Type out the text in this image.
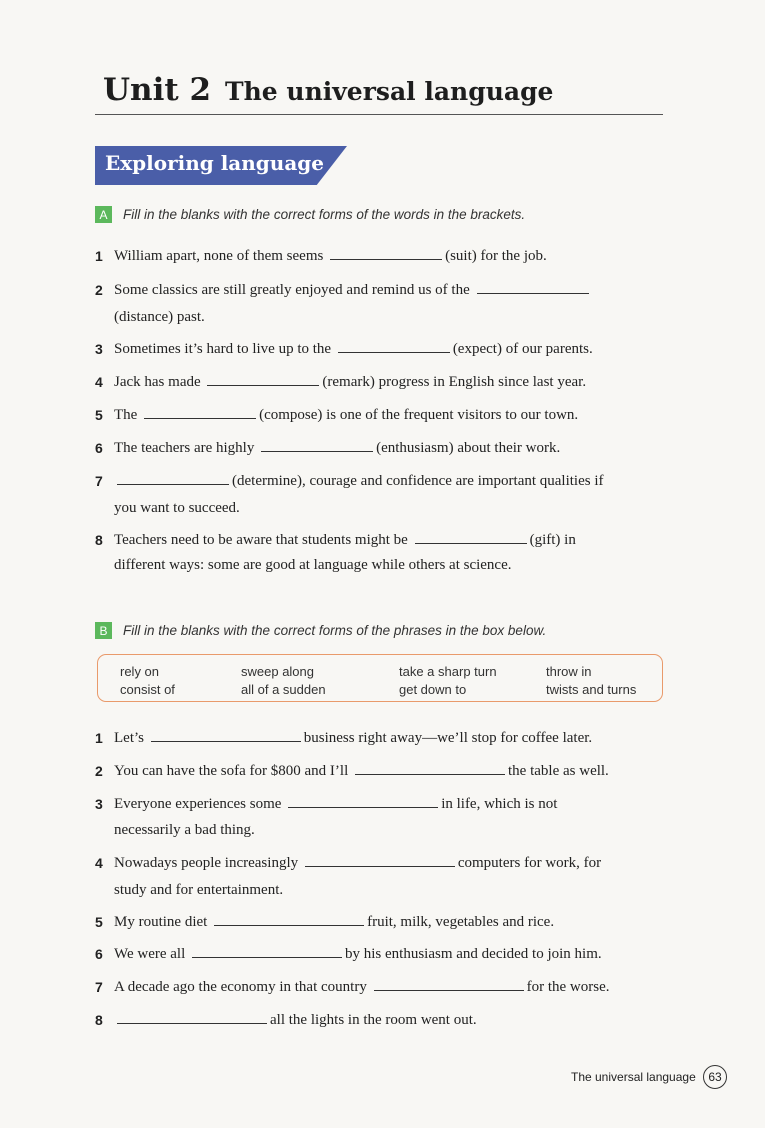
Unit 2 The universal language
Exploring language
A	Fill in the blanks with the correct forms of the words in the brackets.
1 William apart, none of them seems	(suit) for the job.
2 Some classics are still greatly enjoyed and remind us of the
(distance) past.
3 Sometimes it’s hard to live up to the	(expect) of our parents.
4 Jack has made	(remark) progress in English since last year.
5 The	(compose) is one of the frequent visitors to our town.
6 The teachers are highly	(enthusiasm) about their work.
7	(determine), courage and confidence are important qualities if
you want to succeed.
8 Teachers need to be aware that students might be	(gift) in
different ways: some are good at language while others at science.
B	Fill in the blanks with the correct forms of the phrases in the box below.
rely on	sweep along	take a sharp turn	throw in
consist of	all of a sudden	get down to	twists and turns
1 Let’s	business right away—we’ll stop for coffee later.
2 You can have the sofa for $800 and I’ll	the table as well.
3 Everyone experiences some	in life, which is not
necessarily a bad thing.
4 Nowadays people increasingly	computers for work, for
study and for entertainment.
5 My routine diet	fruit, milk, vegetables and rice.
6 We were all	by his enthusiasm and decided to join him.
7 A decade ago the economy in that country	for the worse.
8	all the lights in the room went out.
The universal language	63
